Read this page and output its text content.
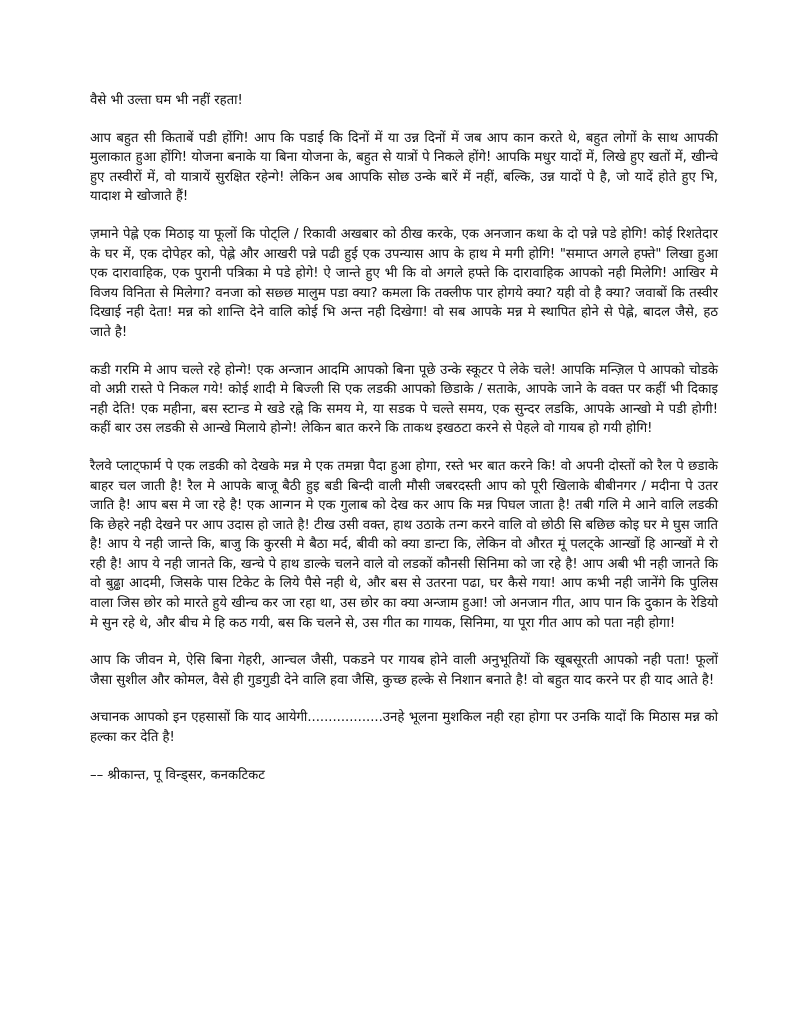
वैसे भी उल्ता घम भी नहीं रहता!

आप बहुत सी किताबें पडी होंगि! आप कि पडाई कि दिनों में या उन्न दिनों में जब आप कान करते थे, बहुत लोगों के साथ आपकी मुलाकात हुआ होंगि! योजना बनाके या बिना योजना के, बहुत से यात्रों पे निकले होंगे! आपकि मधुर यादों में, लिखे हुए खतों में, खीन्चे हुए तस्वीरों में, वो यात्रायें सुरक्षित रहेन्गे! लेकिन अब आपकि सोछ उन्के बारें में नहीं, बल्कि, उन्न यादों पे है, जो यादें होते हुए भि, यादाश मे खोजाते हैं!

ज़माने पेह्ले एक मिठाइ या फूलों कि पोट्लि / रिकावी अखबार को ठीख करके, एक अनजान कथा के दो पन्ने पडे होगि! कोई रिशतेदार के घर में, एक दोपेहर को, पेह्ले और आखरी पन्ने पढी हुई एक उपन्यास आप के हाथ मे मगी होगि! "समाप्त अगले हफ्ते" लिखा हुआ एक दारावाहिक, एक पुरानी पत्रिका मे पडे होगे! ऐ जान्ते हुए भी कि वो अगले हफ्ते कि दारावाहिक आपको नही मिलेगि! आखिर मे विजय विनिता से मिलेगा? वनजा को सछ्छ मालुम पडा क्या? कमला कि तक्लीफ पार होगये क्या? यही वो है क्या? जवाबों कि तस्वीर दिखाई नही देता! मन्न को शान्ति देने वालि कोई भि अन्त नही दिखेगा! वो सब आपके मन्न मे स्थापित होने से पेह्ले, बादल जैसे, हठ जाते है!

कडी गरमि मे आप चल्ते रहे होन्गे! एक अन्जान आदमि आपको बिना पूछे उन्के स्कूटर पे लेके चले! आपकि मन्ज़िल पे आपको चोडके वो अप्नी रास्ते पे निकल गये! कोई शादी मे बिज्ली सि एक लडकी आपको छिडाके / सताके, आपके जाने के वक्त पर कहीं भी दिकाइ नही देति! एक महीना, बस स्टान्ड मे खडे रह्ने कि समय मे, या सडक पे चल्ते समय, एक सुन्दर लडकि, आपके आन्खो मे पडी होगी! कहीं बार उस लडकी से आन्खे मिलाये होन्गे! लेकिन बात करने कि ताकथ इखठटा करने से पेहले वो गायब हो गयी होगि!

रैलवे प्लाट्फार्म पे एक लडकी को देखके मन्न मे एक तमन्ना पैदा हुआ होगा, रस्ते भर बात करने कि! वो अपनी दोस्तों को रैल पे छडाके बाहर चल जाती है! रैल मे आपके बाजू बैठी हुइ बडी बिन्दी वाली मौसी जबरदस्ती आप को पूरी खिलाके बीबीनगर / मदीना पे उतर जाति है! आप बस मे जा रहे है! एक आन्गन मे एक गुलाब को देख कर आप कि मन्न पिघल जाता है! तबी गलि मे आने वालि लडकी कि छेहरे नही देखने पर आप उदास हो जाते है! टीख उसी वक्त, हाथ उठाके तन्ग करने वालि वो छोठी सि बछिछ कोइ घर मे घुस जाति है! आप ये नही जान्ते कि, बाजु कि कुरसी मे बैठा मर्द, बीवी को क्या डान्टा कि, लेकिन वो औरत मूं पलट्के आन्खों हि आन्खों मे रो रही है! आप ये नही जानते कि, खन्चे पे हाथ डाल्के चलने वाले वो लडकों कौनसी सिनिमा को जा रहे है! आप अबी भी नही जानते कि वो बुढ्ढा आदमी, जिसके पास टिकेट के लिये पैसे नही थे, और बस से उतरना पढा, घर कैसे गया! आप कभी नही जानेंगे कि पुलिस वाला जिस छोर को मारते हुये खीन्च कर जा रहा था, उस छोर का क्या अन्जाम हुआ! जो अनजान गीत, आप पान कि दुकान के रेडियो मे सुन रहे थे, और बीच मे हि कठ गयी, बस कि चलने से, उस गीत का गायक, सिनिमा, या पूरा गीत आप को पता नही होगा!

आप कि जीवन मे, ऐसि बिना गेहरी, आन्चल जैसी, पकडने पर गायब होने वाली अनुभूतियों कि खूबसूरती आपको नही पता! फूलों जैसा सुशील और कोमल, वैसे ही गुडगुडी देने वालि हवा जैसि, कुच्छ हल्के से निशान बनाते है! वो बहुत याद करने पर ही याद आते है!

अचानक आपको इन एहसासों कि याद आयेगी..................उनहे भूलना मुशकिल नही रहा होगा पर उनकि यादों कि मिठास मन्न को हल्का कर देति है!

–– श्रीकान्त, पू विन्ड्सर, कनकटिकट
